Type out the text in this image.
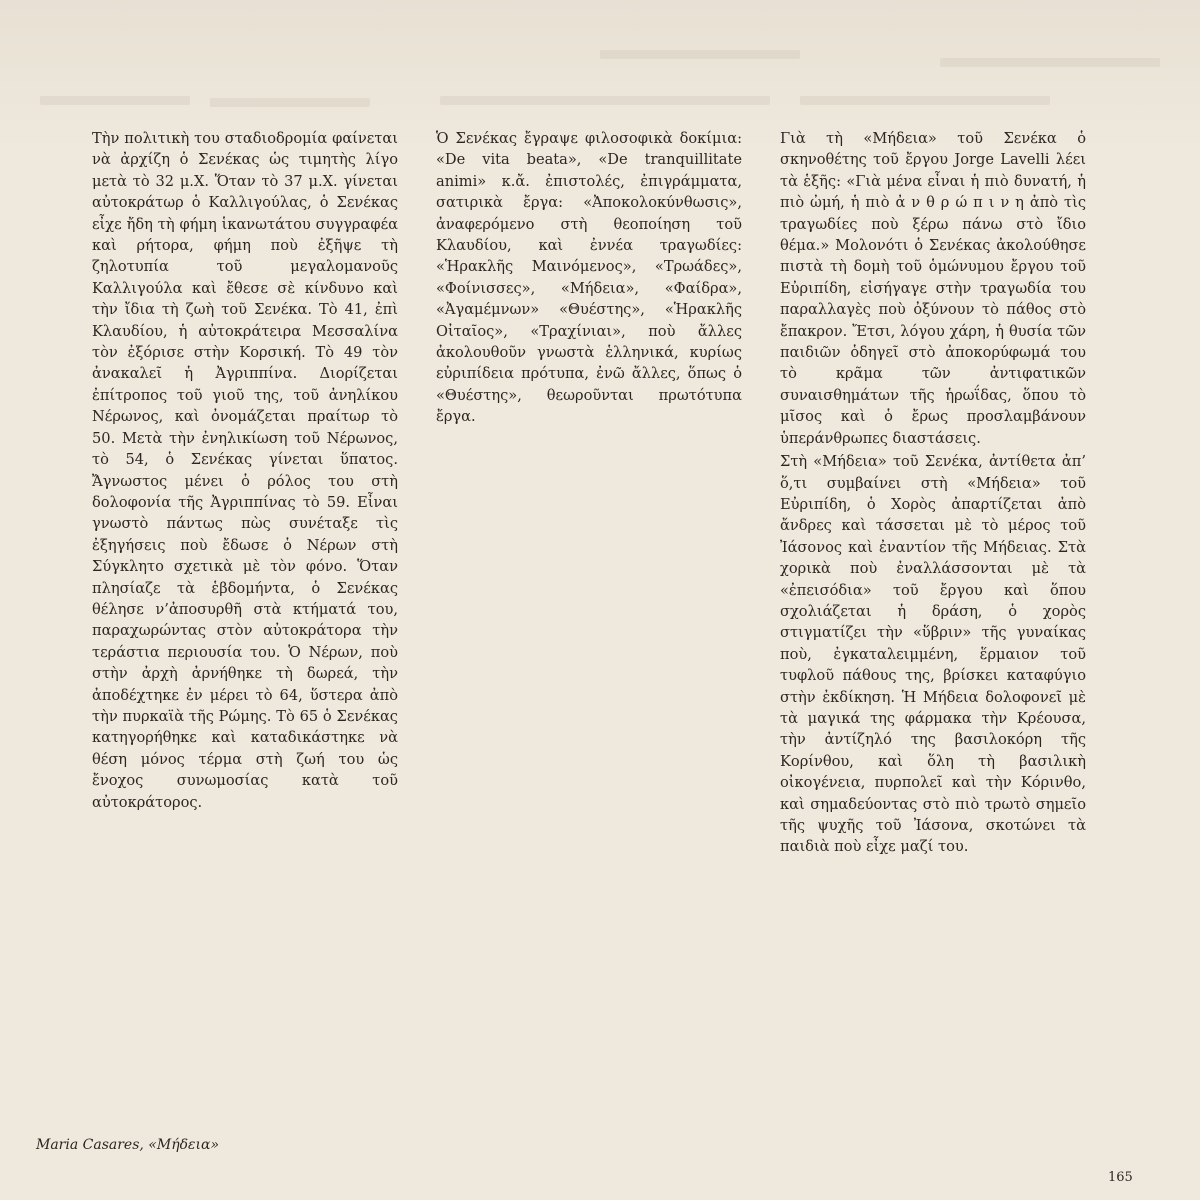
Τὴν πολιτικὴ του σταδιοδρομία φαίνεται νὰ ἀρχίζη ὁ Σενέκας ὡς τιμητὴς λίγο μετὰ τὸ 32 μ.Χ. Ὅταν τὸ 37 μ.Χ. γίνεται αὐτοκράτωρ ὁ Καλλιγούλας, ὁ Σενέκας εἶχε ἤδη τὴ φήμη ἱκανωτάτου συγγραφέα καὶ ρήτορα, φήμη ποὺ ἐξῆψε τὴ ζηλοτυπία τοῦ μεγαλομανοῦς Καλλιγούλα καὶ ἔθεσε σὲ κίνδυνο καὶ τὴν ἴδια τὴ ζωὴ τοῦ Σενέκα. Τὸ 41, ἐπὶ Κλαυδίου, ἡ αὐτοκράτειρα Μεσσαλίνα τὸν ἐξόρισε στὴν Κορσική. Τὸ 49 τὸν ἀνακαλεῖ ἡ Ἀγριππίνα. Διορίζεται ἐπίτροπος τοῦ γιοῦ της, τοῦ ἀνηλίκου Νέρωνος, καὶ ὀνομάζεται πραίτωρ τὸ 50. Μετὰ τὴν ἐνηλικίωση τοῦ Νέρωνος, τὸ 54, ὁ Σενέκας γίνεται ὕπατος. Ἄγνωστος μένει ὁ ρόλος του στὴ δολοφονία τῆς Ἀγριππίνας τὸ 59. Εἶναι γνωστὸ πάντως πὼς συνέταξε τὶς ἐξηγήσεις ποὺ ἔδωσε ὁ Νέρων στὴ Σύγκλητο σχετικὰ μὲ τὸν φόνο. Ὅταν πλησίαζε τὰ ἑβδομήντα, ὁ Σενέκας θέλησε ν’ἀποσυρθῆ στὰ κτήματά του, παραχωρώντας στὸν αὐτοκράτορα τὴν τεράστια περιουσία του. Ὁ Νέρων, ποὺ στὴν ἀρχὴ ἀρνήθηκε τὴ δωρεά, τὴν ἀποδέχτηκε ἐν μέρει τὸ 64, ὕστερα ἀπὸ τὴν πυρκαϊὰ τῆς Ρώμης. Τὸ 65 ὁ Σενέκας κατηγορήθηκε καὶ καταδικάστηκε νὰ θέση μόνος τέρμα στὴ ζωή του ὡς ἔνοχος συνωμοσίας κατὰ τοῦ αὐτοκράτορος.

Ὁ Σενέκας ἔγραψε φιλοσοφικὰ δοκίμια: «De vita beata», «De tranquillitate animi» κ.ἄ. ἐπιστολές, ἐπιγράμματα, σατιρικὰ ἔργα: «Ἀποκολοκύνθωσις», ἀναφερόμενο στὴ θεοποίηση τοῦ Κλαυδίου, καὶ ἐννέα τραγωδίες: «Ἡρακλῆς Μαινόμενος», «Τρωάδες», «Φοίνισσες», «Μήδεια», «Φαίδρα», «Ἀγαμέμνων» «Θυέστης», «Ἡρακλῆς Οἰταῖος», «Τραχίνιαι», ποὺ ἄλλες ἀκολουθοῦν γνωστὰ ἑλληνικά, κυρίως εὐριπίδεια πρότυπα, ἐνῶ ἄλλες, ὅπως ὁ «Θυέστης», θεωροῦνται πρωτότυπα ἔργα.

Γιὰ τὴ «Μήδεια» τοῦ Σενέκα ὁ σκηνοθέτης τοῦ ἔργου Jorge Lavelli λέει τὰ ἑξῆς: «Γιὰ μένα εἶναι ἡ πιὸ δυνατή, ἡ πιὸ ὠμή, ἡ πιὸ ἀ ν θ ρ ώ π ι ν η ἀπὸ τὶς τραγωδίες ποὺ ξέρω πάνω στὸ ἴδιο θέμα.» Μολονότι ὁ Σενέκας ἀκολούθησε πιστὰ τὴ δομὴ τοῦ ὁμώνυμου ἔργου τοῦ Εὐριπίδη, εἰσήγαγε στὴν τραγωδία του παραλλαγὲς ποὺ ὀξύνουν τὸ πάθος στὸ ἔπακρον. Ἔτσι, λόγου χάρη, ἡ θυσία τῶν παιδιῶν ὁδηγεῖ στὸ ἀποκορύφωμά του τὸ κρᾶμα τῶν ἀντιφατικῶν συναισθημάτων τῆς ἡρωΐδας, ὅπου τὸ μῖσος καὶ ὁ ἔρως προσλαμβάνουν ὑπεράνθρωπες διαστάσεις.

Στὴ «Μήδεια» τοῦ Σενέκα, ἀντίθετα ἀπ’ ὅ,τι συμβαίνει στὴ «Μήδεια» τοῦ Εὐριπίδη, ὁ Χορὸς ἀπαρτίζεται ἀπὸ ἄνδρες καὶ τάσσεται μὲ τὸ μέρος τοῦ Ἰάσονος καὶ ἐναντίον τῆς Μήδειας. Στὰ χορικὰ ποὺ ἐναλλάσσονται μὲ τὰ «ἐπεισόδια» τοῦ ἔργου καὶ ὅπου σχολιάζεται ἡ δράση, ὁ χορὸς στιγματίζει τὴν «ὕβριν» τῆς γυναίκας ποὺ, ἐγκαταλειμμένη, ἕρμαιον τοῦ τυφλοῦ πάθους της, βρίσκει καταφύγιο στὴν ἐκδίκηση. Ἡ Μήδεια δολοφονεῖ μὲ τὰ μαγικά της φάρμακα τὴν Κρέουσα, τὴν ἀντίζηλό της βασιλοκόρη τῆς Κορίνθου, καὶ ὅλη τὴ βασιλικὴ οἰκογένεια, πυρπολεῖ καὶ τὴν Κόρινθο, καὶ σημαδεύοντας στὸ πιὸ τρωτὸ σημεῖο τῆς ψυχῆς τοῦ Ἰάσονα, σκοτώνει τὰ παιδιὰ ποὺ εἶχε μαζί του.

Maria Casares, «Μήδεια»
165
